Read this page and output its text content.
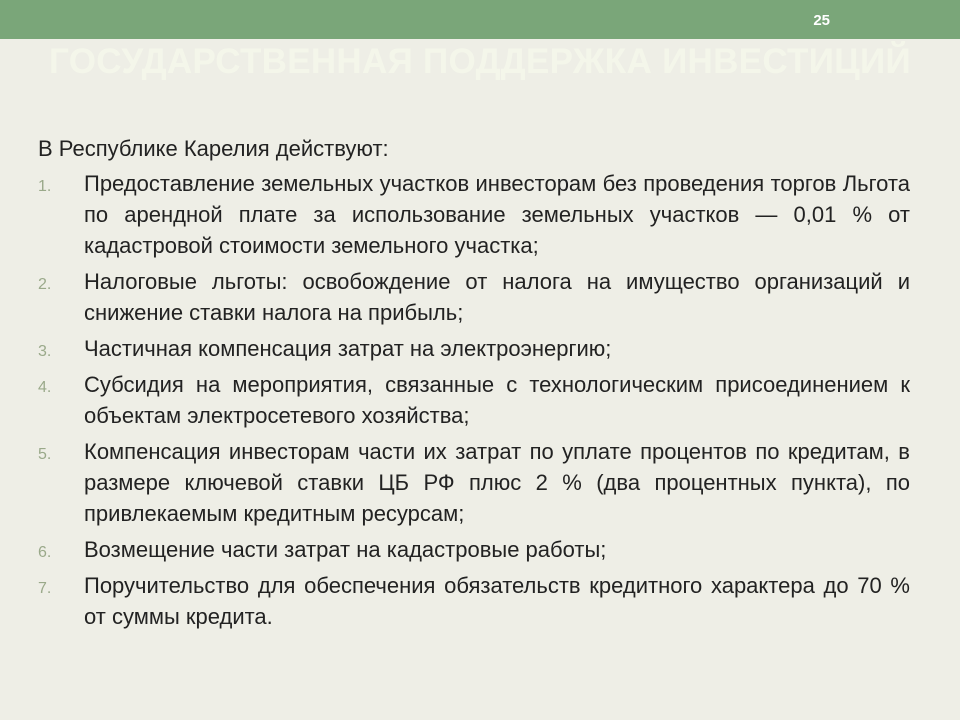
25
ГОСУДАРСТВЕННАЯ ПОДДЕРЖКА ИНВЕСТИЦИЙ

В Республике Карелия действуют:

1. Предоставление земельных участков инвесторам без проведения торгов Льгота по арендной плате за использование земельных участков — 0,01 % от кадастровой стоимости земельного участка;
2. Налоговые льготы: освобождение от налога на имущество организаций и снижение ставки налога на прибыль;
3. Частичная компенсация затрат на электроэнергию;
4. Субсидия на мероприятия, связанные с технологическим присоединением к объектам электросетевого хозяйства;
5. Компенсация инвесторам части их затрат по уплате процентов по кредитам, в размере ключевой ставки ЦБ РФ плюс 2 % (два процентных пункта), по привлекаемым кредитным ресурсам;
6. Возмещение части затрат на кадастровые работы;
7. Поручительство для обеспечения обязательств кредитного характера до 70 % от суммы кредита.
